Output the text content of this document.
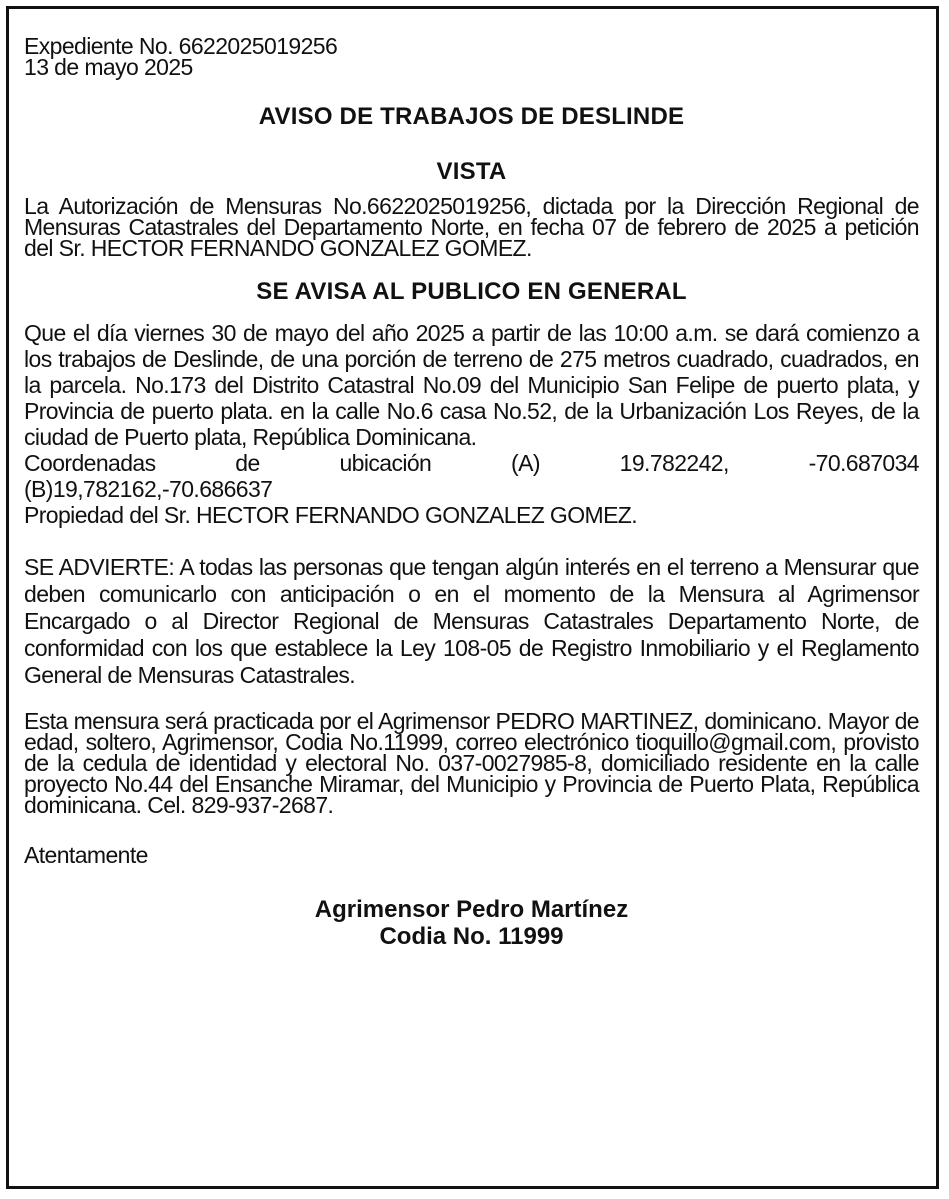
Expediente No. 6622025019256

13 de mayo 2025

AVISO DE TRABAJOS DE DESLINDE

VISTA

La Autorización de Mensuras No.6622025019256, dictada por la Dirección Regional de Mensuras Catastrales del Departamento Norte, en fecha 07 de febrero de 2025 a petición del Sr. HECTOR FERNANDO GONZALEZ GOMEZ.

SE AVISA AL PUBLICO EN GENERAL

Que el día viernes 30 de mayo del año 2025 a partir de las 10:00 a.m. se dará comienzo a los trabajos de Deslinde, de una porción de terreno de 275 metros cuadrado, cuadrados, en la parcela. No.173 del Distrito Catastral No.09 del Municipio San Felipe de puerto plata, y Provincia de puerto plata. en la calle No.6 casa No.52, de la Urbanización Los Reyes, de la ciudad de Puerto plata, República Dominicana.

Coordenadas	de	ubicación	(A)	19.782242,	-70.687034

(B)19,782162,-70.686637

Propiedad del Sr. HECTOR FERNANDO GONZALEZ GOMEZ.

SE ADVIERTE: A todas las personas que tengan algún interés en el terreno a Mensurar que deben comunicarlo con anticipación o en el momento de la Mensura al Agrimensor Encargado o al Director Regional de Mensuras Catastrales Departamento Norte, de conformidad con los que establece la Ley 108-05 de Registro Inmobiliario y el Reglamento General de Mensuras Catastrales.

Esta mensura será practicada por el Agrimensor PEDRO MARTINEZ, dominicano. Mayor de edad, soltero, Agrimensor, Codia No.11999, correo electrónico tioquillo@gmail.com, provisto de la cedula de identidad y electoral No. 037-0027985-8, domiciliado residente en la calle proyecto No.44 del Ensanche Miramar, del Municipio y Provincia de Puerto Plata, República dominicana. Cel. 829-937-2687.

Atentamente

Agrimensor Pedro Martínez

Codia No. 11999
